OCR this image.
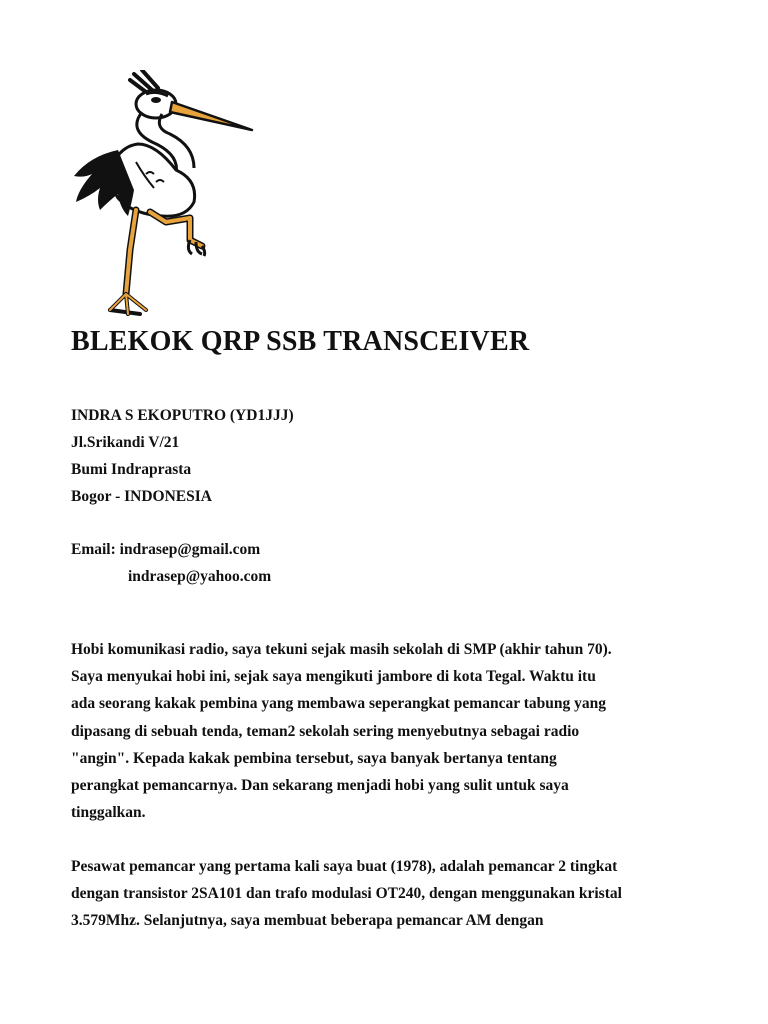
BLEKOK QRP SSB TRANSCEIVER
INDRA S EKOPUTRO (YD1JJJ)
Jl.Srikandi V/21
Bumi Indraprasta
Bogor - INDONESIA
Email: indrasep@gmail.com
indrasep@yahoo.com
Hobi komunikasi radio, saya tekuni sejak masih sekolah di SMP (akhir tahun 70).
Saya menyukai hobi ini, sejak saya mengikuti jambore di kota Tegal. Waktu itu
ada seorang kakak pembina yang membawa seperangkat pemancar tabung yang
dipasang di sebuah tenda, teman2 sekolah sering menyebutnya sebagai radio
"angin". Kepada kakak pembina tersebut, saya banyak bertanya tentang
perangkat pemancarnya. Dan sekarang menjadi hobi yang sulit untuk saya
tinggalkan.
Pesawat pemancar yang pertama kali saya buat (1978), adalah pemancar 2 tingkat
dengan transistor 2SA101 dan trafo modulasi OT240, dengan menggunakan kristal
3.579Mhz. Selanjutnya, saya membuat beberapa pemancar AM dengan
